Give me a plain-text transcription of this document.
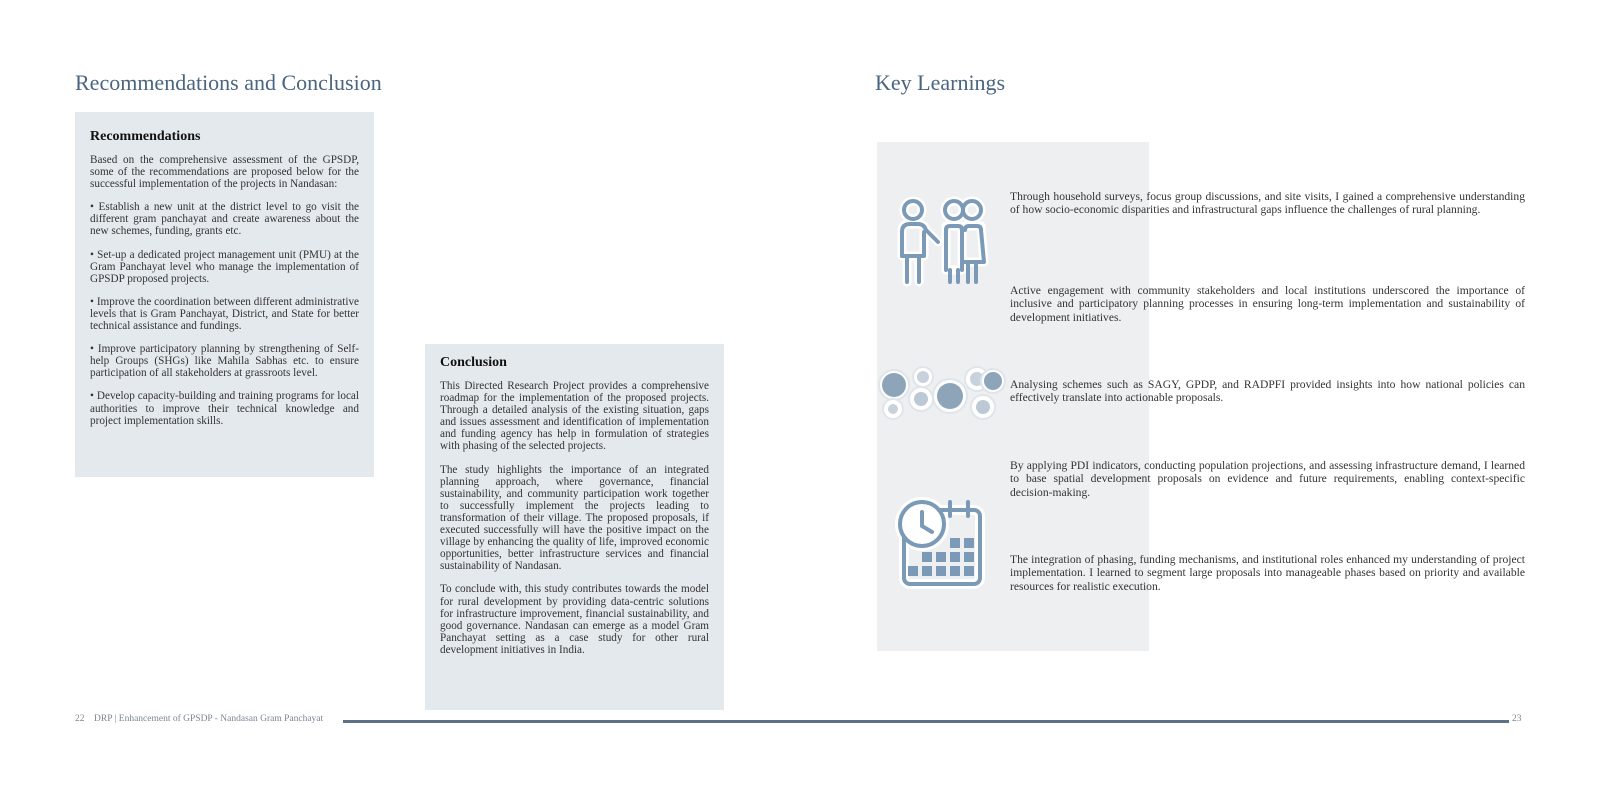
Recommendations and Conclusion
Recommendations

Based on the comprehensive assessment of the GPSDP, some of the recommendations are proposed below for the successful implementation of the projects in Nandasan:

• Establish a new unit at the district level to go visit the different gram panchayat and create awareness about the new schemes, funding, grants etc.

• Set-up a dedicated project management unit (PMU) at the Gram Panchayat level who manage the implementation of GPSDP proposed projects.

• Improve the coordination between different administrative levels that is Gram Panchayat, District, and State for better technical assistance and fundings.

• Improve participatory planning by strengthening of Self-help Groups (SHGs) like Mahila Sabhas etc. to ensure participation of all stakeholders at grassroots level.

• Develop capacity-building and training programs for local authorities to improve their technical knowledge and project implementation skills.

Conclusion

This Directed Research Project provides a comprehensive roadmap for the implementation of the proposed projects. Through a detailed analysis of the existing situation, gaps and issues assessment and identification of implementation and funding agency has help in formulation of strategies with phasing of the selected projects.

The study highlights the importance of an integrated planning approach, where governance, financial sustainability, and community participation work together to successfully implement the projects leading to transformation of their village. The proposed proposals, if executed successfully will have the positive impact on the village by enhancing the quality of life, improved economic opportunities, better infrastructure services and financial sustainability of Nandasan.

To conclude with, this study contributes towards the model for rural development by providing data-centric solutions for infrastructure improvement, financial sustainability, and good governance. Nandasan can emerge as a model Gram Panchayat setting as a case study for other rural development initiatives in India.

22 DRP | Enhancement of GPSDP - Nandasan Gram Panchayat	23
Key Learnings

Through household surveys, focus group discussions, and site visits, I gained a comprehensive understanding of how socio-economic disparities and infrastructural gaps influence the challenges of rural planning.

Active engagement with community stakeholders and local institutions underscored the importance of inclusive and participatory planning processes in ensuring long-term implementation and sustainability of development initiatives.

Analysing schemes such as SAGY, GPDP, and RADPFI provided insights into how national policies can effectively translate into actionable proposals.

By applying PDI indicators, conducting population projections, and assessing infrastructure demand, I learned to base spatial development proposals on evidence and future requirements, enabling context-specific decision-making.

The integration of phasing, funding mechanisms, and institutional roles enhanced my understanding of project implementation. I learned to segment large proposals into manageable phases based on priority and available resources for realistic execution.
